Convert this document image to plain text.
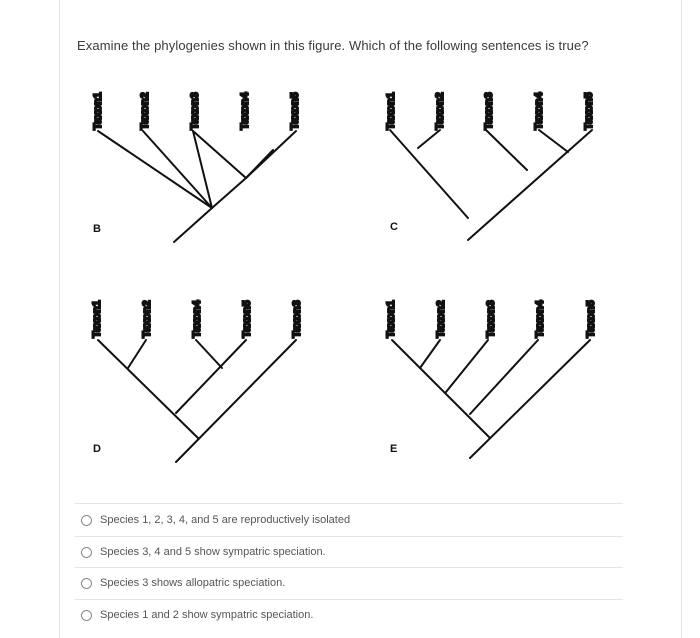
Examine the phylogenies shown in this figure. Which of the following sentences is true?
Taxon1	Taxon2	Taxon3	Taxon4	Taxon5
B
Taxon1	Taxon2	Taxon3	Taxon4	Taxon5
C
Taxon1	Taxon2	Taxon4	Taxon5	Taxon3
D
Taxon1	Taxon2	Taxon3	Taxon4	Taxon5
E
Species 1, 2, 3, 4, and 5 are reproductively isolated
Species 3, 4 and 5 show sympatric speciation.
Species 3 shows allopatric speciation.
Species 1 and 2 show sympatric speciation.
